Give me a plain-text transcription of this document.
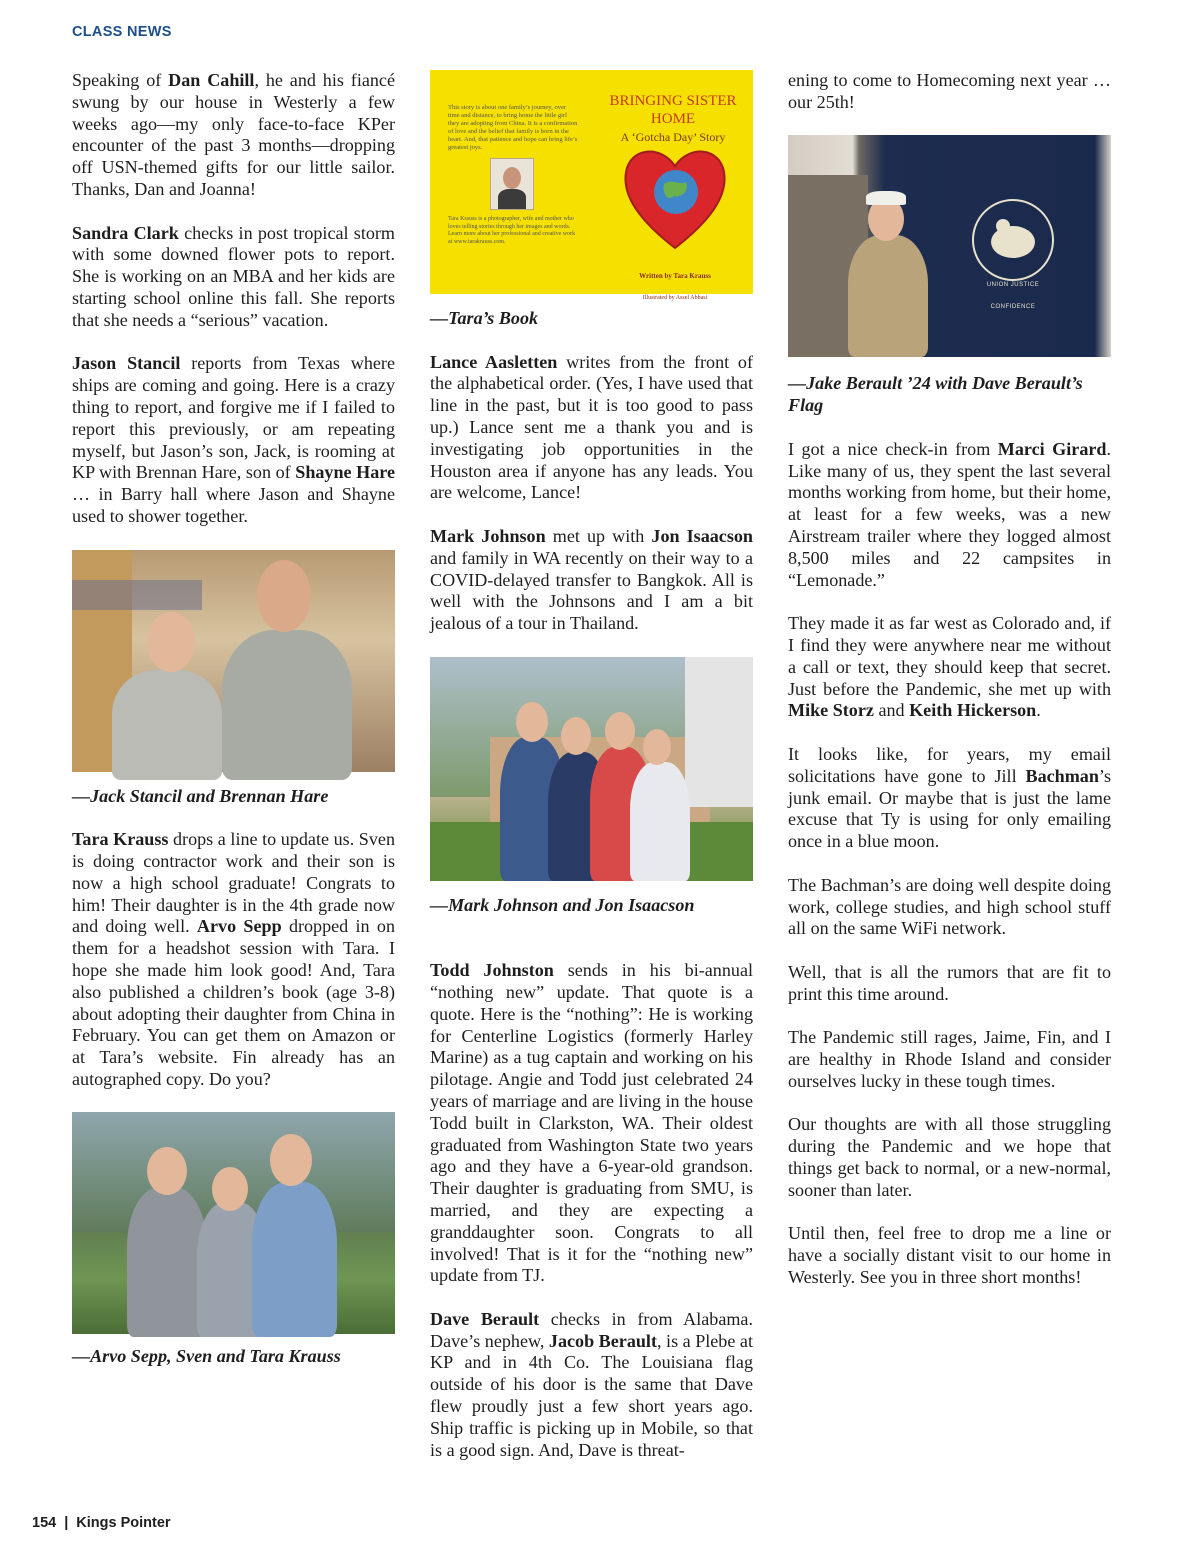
CLASS NEWS

Speaking of Dan Cahill, he and his fiancé swung by our house in Westerly a few weeks ago—my only face-to-face KPer encounter of the past 3 months—dropping off USN-themed gifts for our little sailor. Thanks, Dan and Joanna!

Sandra Clark checks in post tropical storm with some downed flower pots to report. She is working on an MBA and her kids are starting school online this fall. She reports that she needs a “serious” vacation.

Jason Stancil reports from Texas where ships are coming and going. Here is a crazy thing to report, and forgive me if I failed to report this previously, or am repeating myself, but Jason’s son, Jack, is rooming at KP with Brennan Hare, son of Shayne Hare … in Barry hall where Jason and Shayne used to shower together.

—Jack Stancil and Brennan Hare

Tara Krauss drops a line to update us. Sven is doing contractor work and their son is now a high school graduate! Congrats to him! Their daughter is in the 4th grade now and doing well. Arvo Sepp dropped in on them for a headshot session with Tara. I hope she made him look good! And, Tara also published a children’s book (age 3-8) about adopting their daughter from China in February. You can get them on Amazon or at Tara’s website. Fin already has an autographed copy. Do you?

—Arvo Sepp, Sven and Tara Krauss

This story is about one family’s journey, over time and distance, to bring home the little girl they are adopting from China. It is a confirmation of love and the belief that family is born in the heart. And, that patience and hope can bring life’s greatest joys.
Tara Krauss is a photographer, wife and mother who loves telling stories through her images and words. Learn more about her professional and creative work at www.tarakrauss.com.
BRINGING SISTER HOME
A ‘Gotcha Day’ Story
Written by Tara Krauss
Illustrated by Assel Abbasi

—Tara’s Book

Lance Aasletten writes from the front of the alphabetical order. (Yes, I have used that line in the past, but it is too good to pass up.) Lance sent me a thank you and is investigating job opportunities in the Houston area if anyone has any leads. You are welcome, Lance!

Mark Johnson met up with Jon Isaacson and family in WA recently on their way to a COVID-delayed transfer to Bangkok. All is well with the Johnsons and I am a bit jealous of a tour in Thailand.

—Mark Johnson and Jon Isaacson

Todd Johnston sends in his bi-annual “nothing new” update. That quote is a quote. Here is the “nothing”: He is working for Centerline Logistics (formerly Harley Marine) as a tug captain and working on his pilotage. Angie and Todd just celebrated 24 years of marriage and are living in the house Todd built in Clarkston, WA. Their oldest graduated from Washington State two years ago and they have a 6-year-old grandson. Their daughter is graduating from SMU, is married, and they are expecting a granddaughter soon. Congrats to all involved! That is it for the “nothing new” update from TJ.

Dave Berault checks in from Alabama. Dave’s nephew, Jacob Berault, is a Plebe at KP and in 4th Co. The Louisiana flag outside of his door is the same that Dave flew proudly just a few short years ago. Ship traffic is picking up in Mobile, so that is a good sign. And, Dave is threat-

ening to come to Homecoming next year … our 25th!

UNION JUSTICE CONFIDENCE

—Jake Berault ’24 with Dave Berault’s Flag

I got a nice check-in from Marci Girard. Like many of us, they spent the last several months working from home, but their home, at least for a few weeks, was a new Airstream trailer where they logged almost 8,500 miles and 22 campsites in “Lemonade.”

They made it as far west as Colorado and, if I find they were anywhere near me without a call or text, they should keep that secret. Just before the Pandemic, she met up with Mike Storz and Keith Hickerson.

It looks like, for years, my email solicitations have gone to Jill Bachman’s junk email. Or maybe that is just the lame excuse that Ty is using for only emailing once in a blue moon.

The Bachman’s are doing well despite doing work, college studies, and high school stuff all on the same WiFi network.

Well, that is all the rumors that are fit to print this time around.

The Pandemic still rages, Jaime, Fin, and I are healthy in Rhode Island and consider ourselves lucky in these tough times.

Our thoughts are with all those struggling during the Pandemic and we hope that things get back to normal, or a new-normal, sooner than later.

Until then, feel free to drop me a line or have a socially distant visit to our home in Westerly. See you in three short months!

154 | Kings Pointer
